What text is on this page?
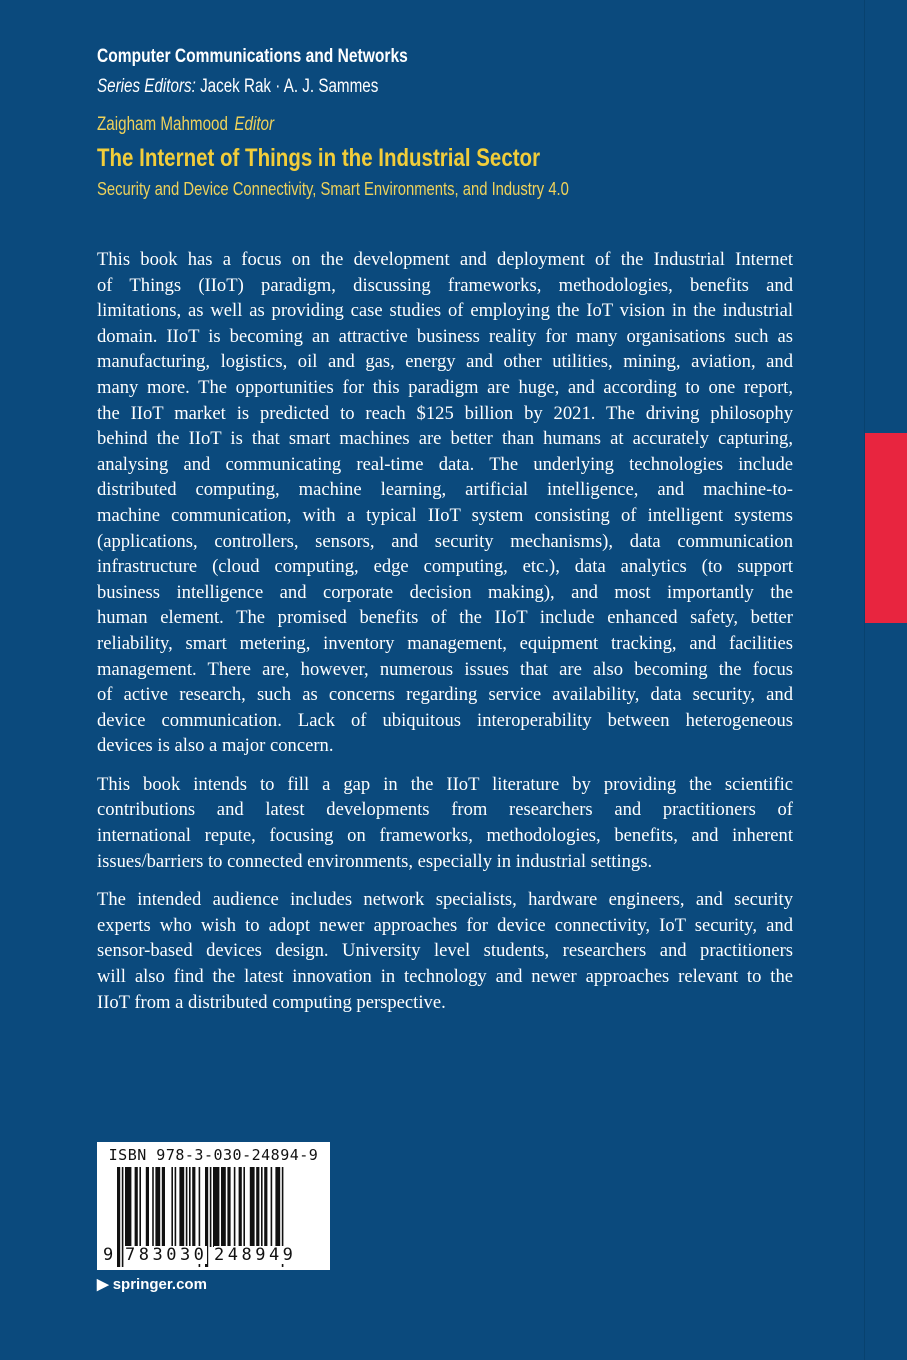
Computer Communications and Networks
Series Editors: Jacek Rak · A. J. Sammes
Zaigham Mahmood Editor
The Internet of Things in the Industrial Sector
Security and Device Connectivity, Smart Environments, and Industry 4.0
This book has a focus on the development and deployment of the Industrial Internet
of Things (IIoT) paradigm, discussing frameworks, methodologies, benefits and
limitations, as well as providing case studies of employing the IoT vision in the industrial
domain. IIoT is becoming an attractive business reality for many organisations such as
manufacturing, logistics, oil and gas, energy and other utilities, mining, aviation, and
many more. The opportunities for this paradigm are huge, and according to one report,
the IIoT market is predicted to reach $125 billion by 2021. The driving philosophy
behind the IIoT is that smart machines are better than humans at accurately capturing,
analysing and communicating real-time data. The underlying technologies include
distributed computing, machine learning, artificial intelligence, and machine-to-
machine communication, with a typical IIoT system consisting of intelligent systems
(applications, controllers, sensors, and security mechanisms), data communication
infrastructure (cloud computing, edge computing, etc.), data analytics (to support
business intelligence and corporate decision making), and most importantly the
human element. The promised benefits of the IIoT include enhanced safety, better
reliability, smart metering, inventory management, equipment tracking, and facilities
management. There are, however, numerous issues that are also becoming the focus
of active research, such as concerns regarding service availability, data security, and
device communication. Lack of ubiquitous interoperability between heterogeneous
devices is also a major concern.
This book intends to fill a gap in the IIoT literature by providing the scientific
contributions and latest developments from researchers and practitioners of
international repute, focusing on frameworks, methodologies, benefits, and inherent
issues/barriers to connected environments, especially in industrial settings.
The intended audience includes network specialists, hardware engineers, and security
experts who wish to adopt newer approaches for device connectivity, IoT security, and
sensor-based devices design. University level students, researchers and practitioners
will also find the latest innovation in technology and newer approaches relevant to the
IIoT from a distributed computing perspective.
ISBN 978-3-030-24894-9
9 783030 248949
▶ springer.com
